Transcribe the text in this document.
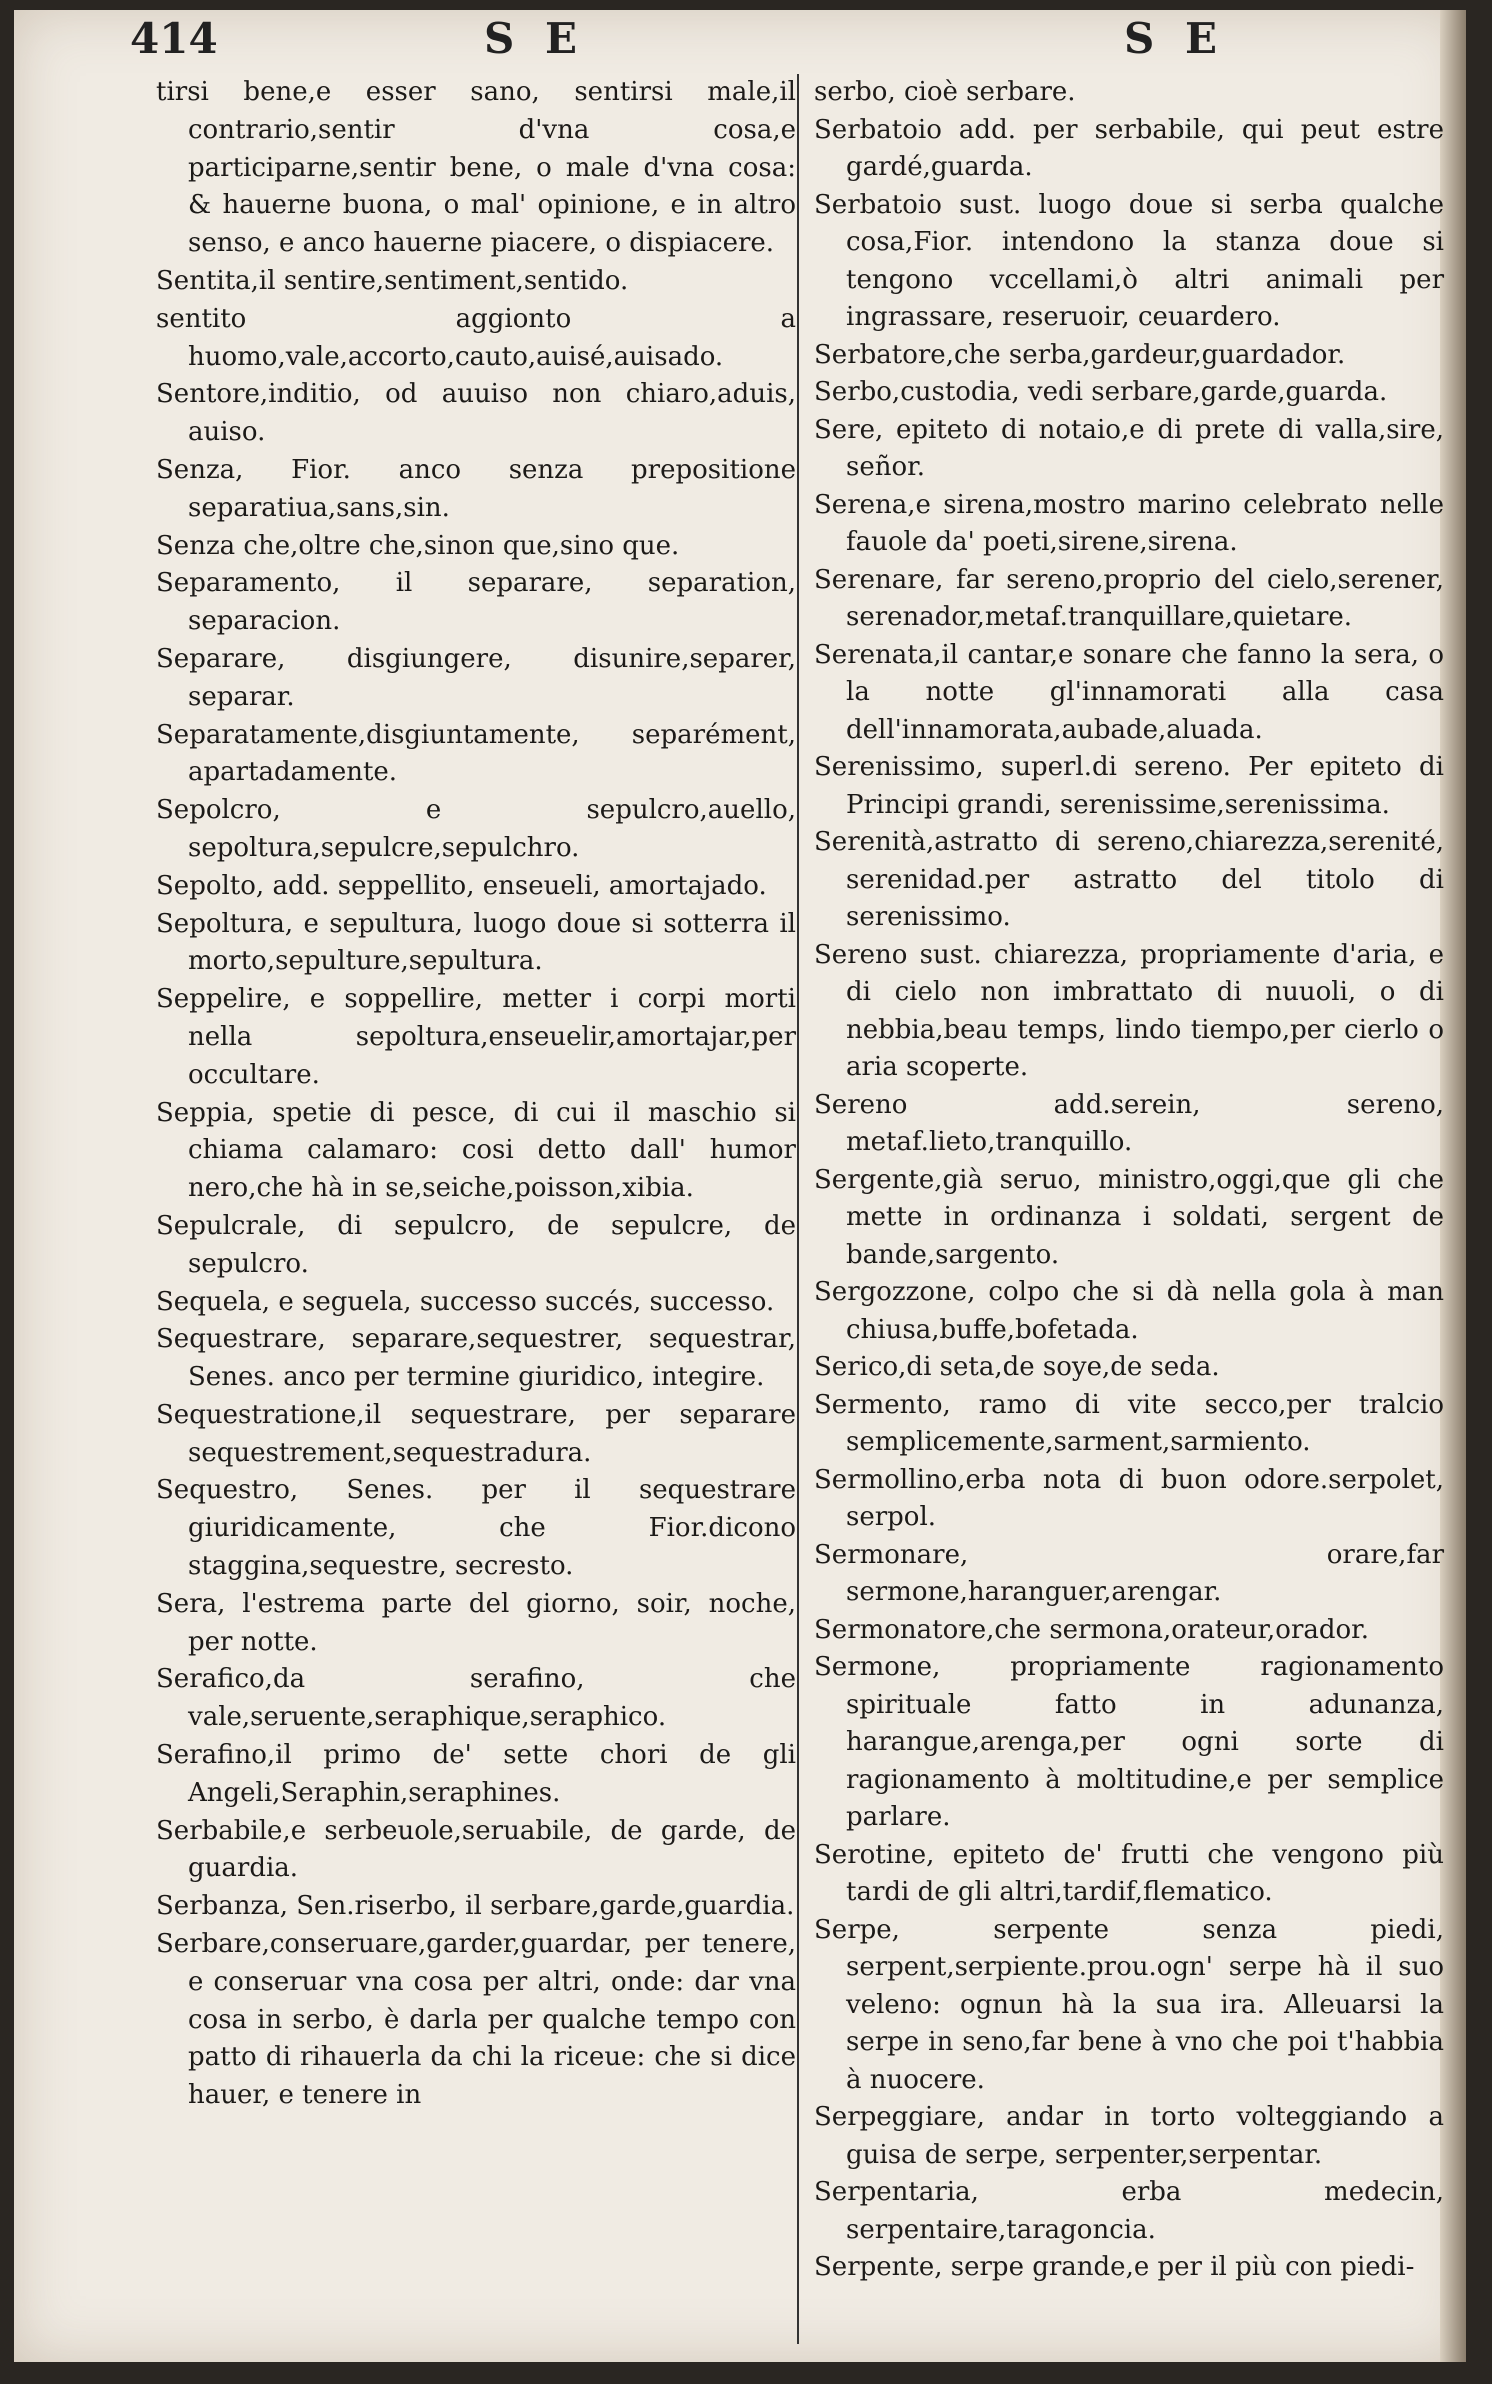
414	S E	S E

tirsi bene,e esser sano, sentirsi male,il contrario,sentir d'vna cosa,e participarne,sentir bene, o male d'vna cosa: & hauerne buona, o mal' opinione, e in altro senso, e anco hauerne piacere, o dispiacere.

Sentita,il sentire,sentiment,sentido.

sentito aggionto a huomo,vale,accorto,cauto,auisé,auisado.

Sentore,inditio, od auuiso non chiaro,aduis, auiso.

Senza, Fior. anco senza prepositione separatiua,sans,sin.

Senza che,oltre che,sinon que,sino que.

Separamento, il separare, separation, separacion.

Separare, disgiungere, disunire,separer, separar.

Separatamente,disgiuntamente, separément, apartadamente.

Sepolcro, e sepulcro,auello, sepoltura,sepulcre,sepulchro.

Sepolto, add. seppellito, enseueli, amortajado.

Sepoltura, e sepultura, luogo doue si sotterra il morto,sepulture,sepultura.

Seppelire, e soppellire, metter i corpi morti nella sepoltura,enseuelir,amortajar,per occultare.

Seppia, spetie di pesce, di cui il maschio si chiama calamaro: cosi detto dall' humor nero,che hà in se,seiche,poisson,xibia.

Sepulcrale, di sepulcro, de sepulcre, de sepulcro.

Sequela, e seguela, successo succés, successo.

Sequestrare, separare,sequestrer, sequestrar, Senes. anco per termine giuridico, integire.

Sequestratione,il sequestrare, per separare sequestrement,sequestradura.

Sequestro, Senes. per il sequestrare giuridicamente, che Fior.dicono staggina,sequestre, secresto.

Sera, l'estrema parte del giorno, soir, noche, per notte.

Serafico,da serafino, che vale,seruente,seraphique,seraphico.

Serafino,il primo de' sette chori de gli Angeli,Seraphin,seraphines.

Serbabile,e serbeuole,seruabile, de garde, de guardia.

Serbanza, Sen.riserbo, il serbare,garde,guardia.

Serbare,conseruare,garder,guardar, per tenere, e conseruar vna cosa per altri, onde: dar vna cosa in serbo, è darla per qualche tempo con patto di rihauerla da chi la riceue: che si dice hauer, e tenere in

serbo, cioè serbare.

Serbatoio add. per serbabile, qui peut estre gardé,guarda.

Serbatoio sust. luogo doue si serba qualche cosa,Fior. intendono la stanza doue si tengono vccellami,ò altri animali per ingrassare, reseruoir, ceuardero.

Serbatore,che serba,gardeur,guardador.

Serbo,custodia, vedi serbare,garde,guarda.

Sere, epiteto di notaio,e di prete di valla,sire, señor.

Serena,e sirena,mostro marino celebrato nelle fauole da' poeti,sirene,sirena.

Serenare, far sereno,proprio del cielo,serener, serenador,metaf.tranquillare,quietare.

Serenata,il cantar,e sonare che fanno la sera, o la notte gl'innamorati alla casa dell'innamorata,aubade,aluada.

Serenissimo, superl.di sereno. Per epiteto di Principi grandi, serenissime,serenissima.

Serenità,astratto di sereno,chiarezza,serenité, serenidad.per astratto del titolo di serenissimo.

Sereno sust. chiarezza, propriamente d'aria, e di cielo non imbrattato di nuuoli, o di nebbia,beau temps, lindo tiempo,per cierlo o aria scoperte.

Sereno add.serein, sereno, metaf.lieto,tranquillo.

Sergente,già seruo, ministro,oggi,que gli che mette in ordinanza i soldati, sergent de bande,sargento.

Sergozzone, colpo che si dà nella gola à man chiusa,buffe,bofetada.

Serico,di seta,de soye,de seda.

Sermento, ramo di vite secco,per tralcio semplicemente,sarment,sarmiento.

Sermollino,erba nota di buon odore.serpolet, serpol.

Sermonare, orare,far sermone,haranguer,arengar.

Sermonatore,che sermona,orateur,orador.

Sermone, propriamente ragionamento spirituale fatto in adunanza, harangue,arenga,per ogni sorte di ragionamento à moltitudine,e per semplice parlare.

Serotine, epiteto de' frutti che vengono più tardi de gli altri,tardif,flematico.

Serpe, serpente senza piedi, serpent,serpiente.prou.ogn' serpe hà il suo veleno: ognun hà la sua ira. Alleuarsi la serpe in seno,far bene à vno che poi t'habbia à nuocere.

Serpeggiare, andar in torto volteggiando a guisa de serpe, serpenter,serpentar.

Serpentaria, erba medecin, serpentaire,taragoncia.

Serpente, serpe grande,e per il più con piedi-
